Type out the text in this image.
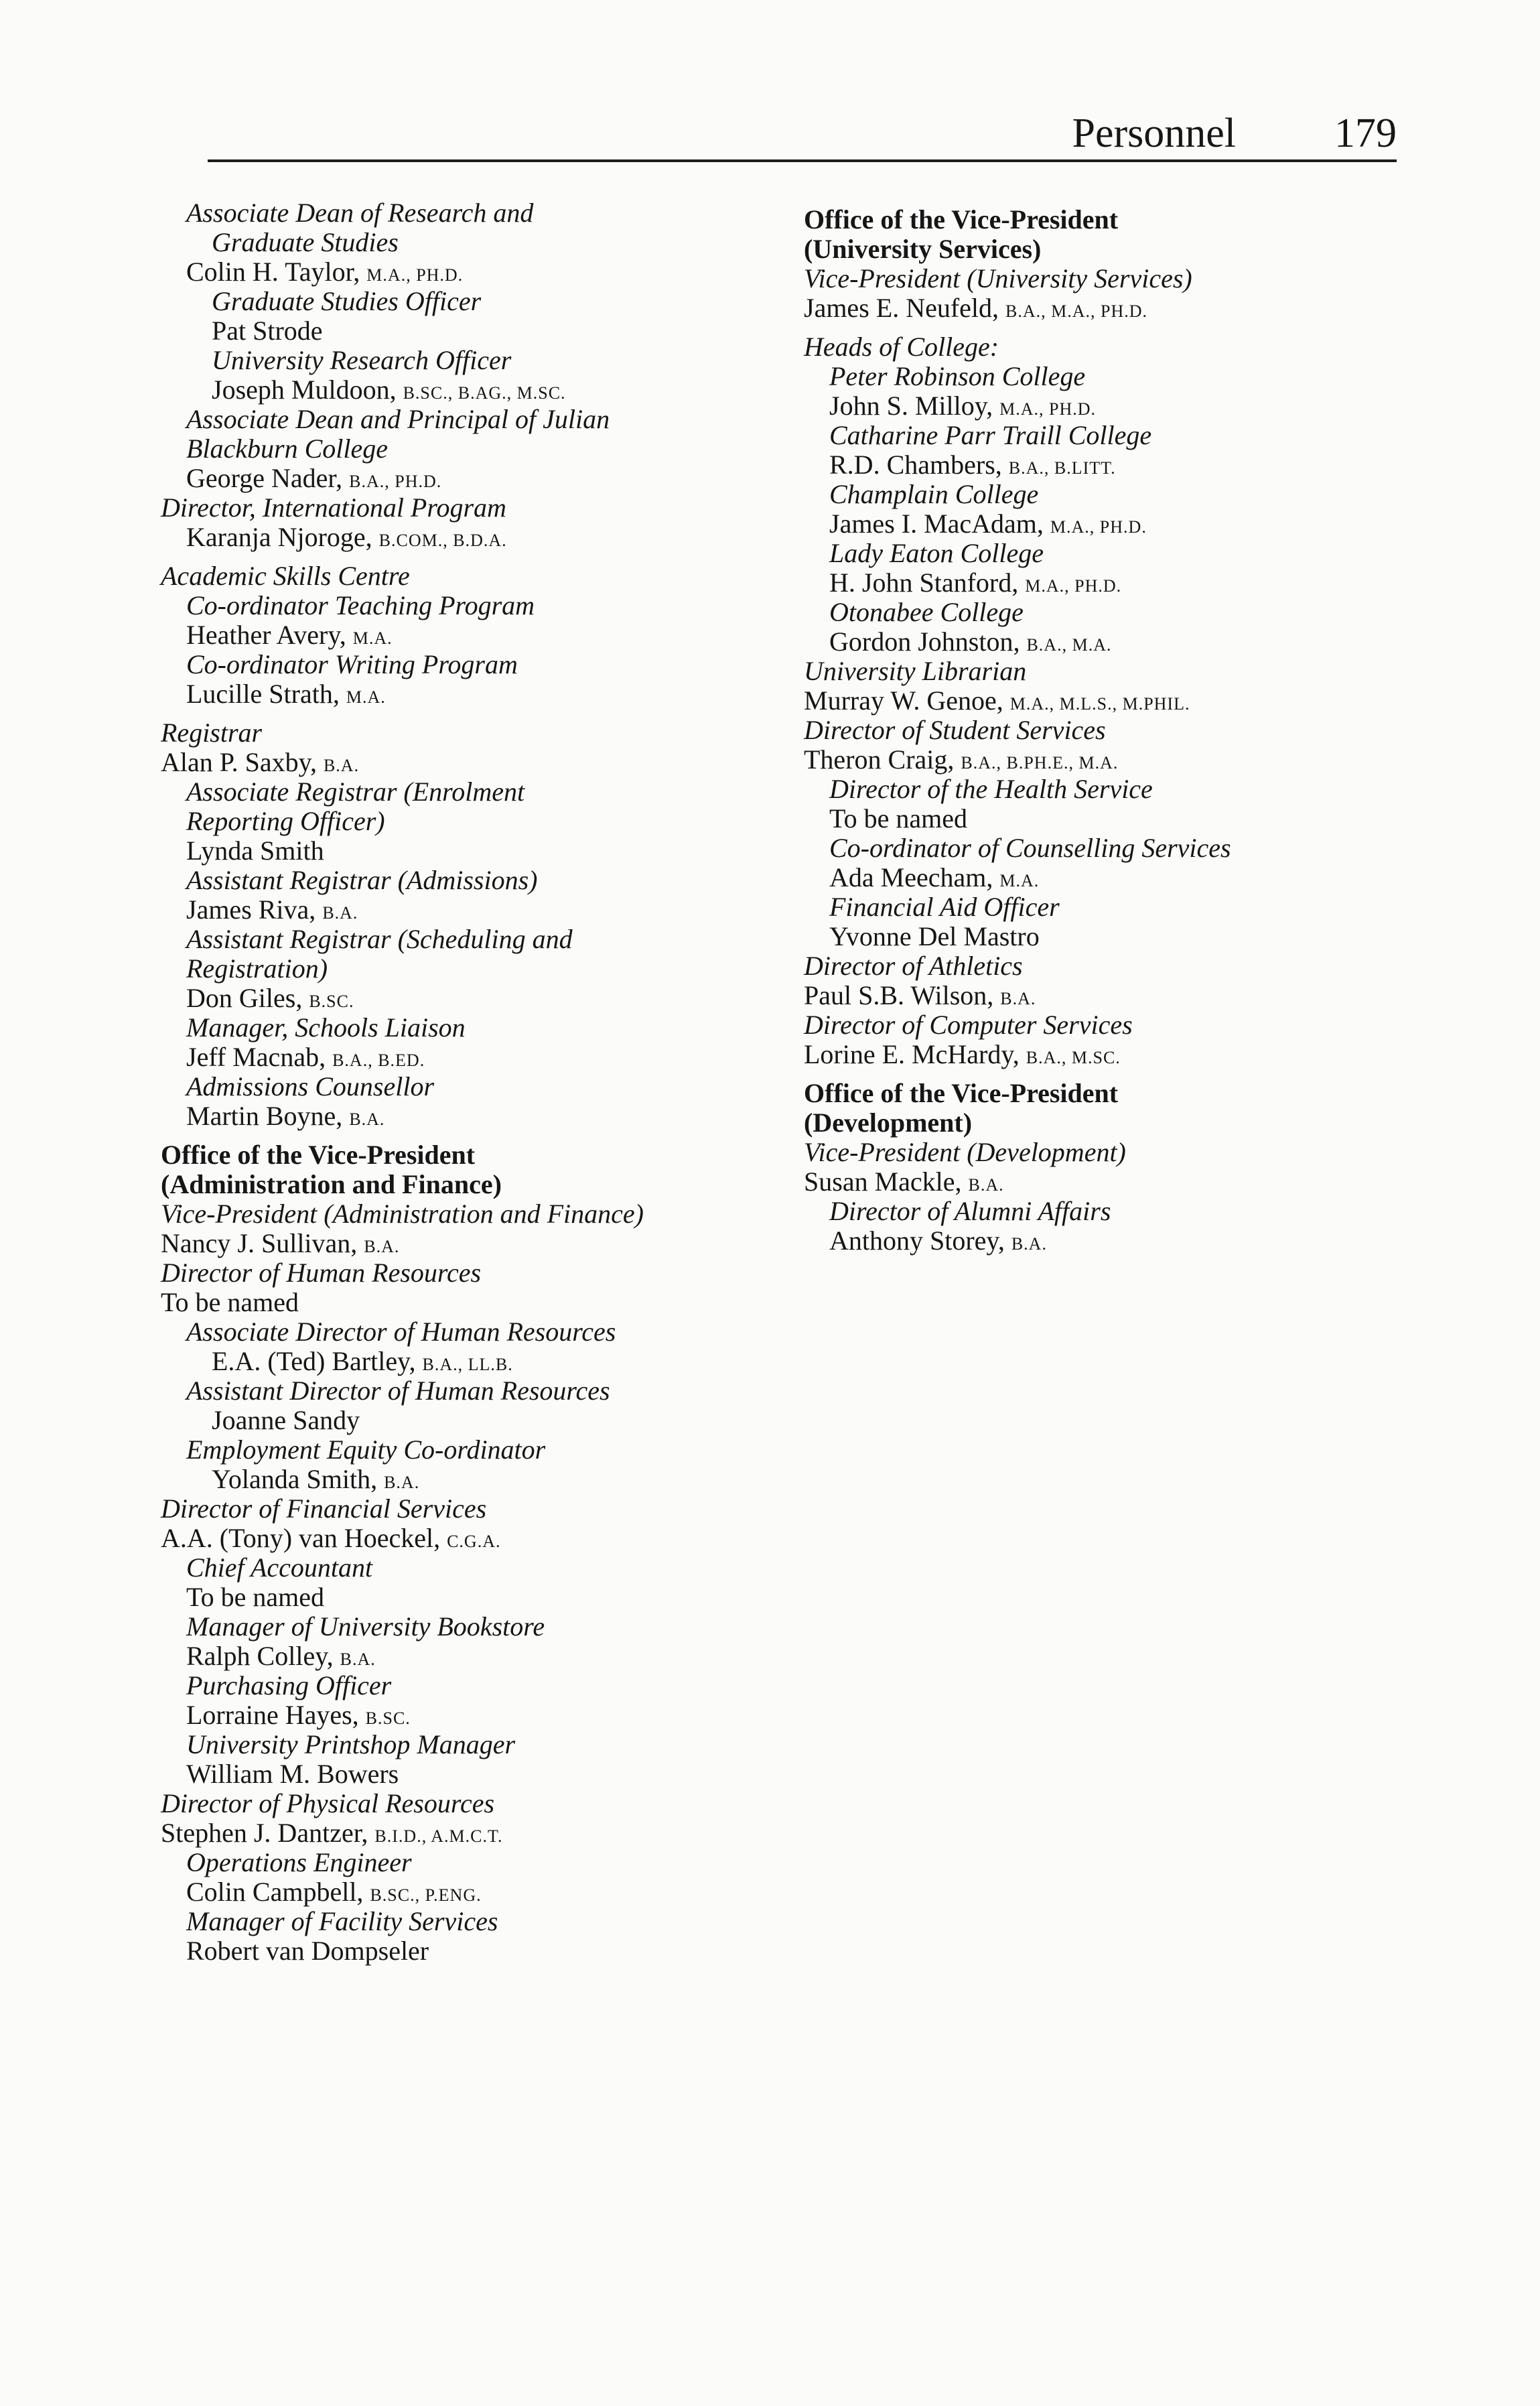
Personnel 179
Associate Dean of Research and
Graduate Studies
Colin H. Taylor, M.A., PH.D.
Graduate Studies Officer
Pat Strode
University Research Officer
Joseph Muldoon, B.SC., B.AG., M.SC.
Associate Dean and Principal of Julian
Blackburn College
George Nader, B.A., PH.D.
Director, International Program
Karanja Njoroge, B.COM., B.D.A.
Academic Skills Centre
Co-ordinator Teaching Program
Heather Avery, M.A.
Co-ordinator Writing Program
Lucille Strath, M.A.
Registrar
Alan P. Saxby, B.A.
Associate Registrar (Enrolment
Reporting Officer)
Lynda Smith
Assistant Registrar (Admissions)
James Riva, B.A.
Assistant Registrar (Scheduling and
Registration)
Don Giles, B.SC.
Manager, Schools Liaison
Jeff Macnab, B.A., B.ED.
Admissions Counsellor
Martin Boyne, B.A.
Office of the Vice-President
(Administration and Finance)
Vice-President (Administration and Finance)
Nancy J. Sullivan, B.A.
Director of Human Resources
To be named
Associate Director of Human Resources
E.A. (Ted) Bartley, B.A., LL.B.
Assistant Director of Human Resources
Joanne Sandy
Employment Equity Co-ordinator
Yolanda Smith, B.A.
Director of Financial Services
A.A. (Tony) van Hoeckel, C.G.A.
Chief Accountant
To be named
Manager of University Bookstore
Ralph Colley, B.A.
Purchasing Officer
Lorraine Hayes, B.SC.
University Printshop Manager
William M. Bowers
Director of Physical Resources
Stephen J. Dantzer, B.I.D., A.M.C.T.
Operations Engineer
Colin Campbell, B.SC., P.ENG.
Manager of Facility Services
Robert van Dompseler
Office of the Vice-President
(University Services)
Vice-President (University Services)
James E. Neufeld, B.A., M.A., PH.D.
Heads of College:
Peter Robinson College
John S. Milloy, M.A., PH.D.
Catharine Parr Traill College
R.D. Chambers, B.A., B.LITT.
Champlain College
James I. MacAdam, M.A., PH.D.
Lady Eaton College
H. John Stanford, M.A., PH.D.
Otonabee College
Gordon Johnston, B.A., M.A.
University Librarian
Murray W. Genoe, M.A., M.L.S., M.PHIL.
Director of Student Services
Theron Craig, B.A., B.PH.E., M.A.
Director of the Health Service
To be named
Co-ordinator of Counselling Services
Ada Meecham, M.A.
Financial Aid Officer
Yvonne Del Mastro
Director of Athletics
Paul S.B. Wilson, B.A.
Director of Computer Services
Lorine E. McHardy, B.A., M.SC.
Office of the Vice-President
(Development)
Vice-President (Development)
Susan Mackle, B.A.
Director of Alumni Affairs
Anthony Storey, B.A.
